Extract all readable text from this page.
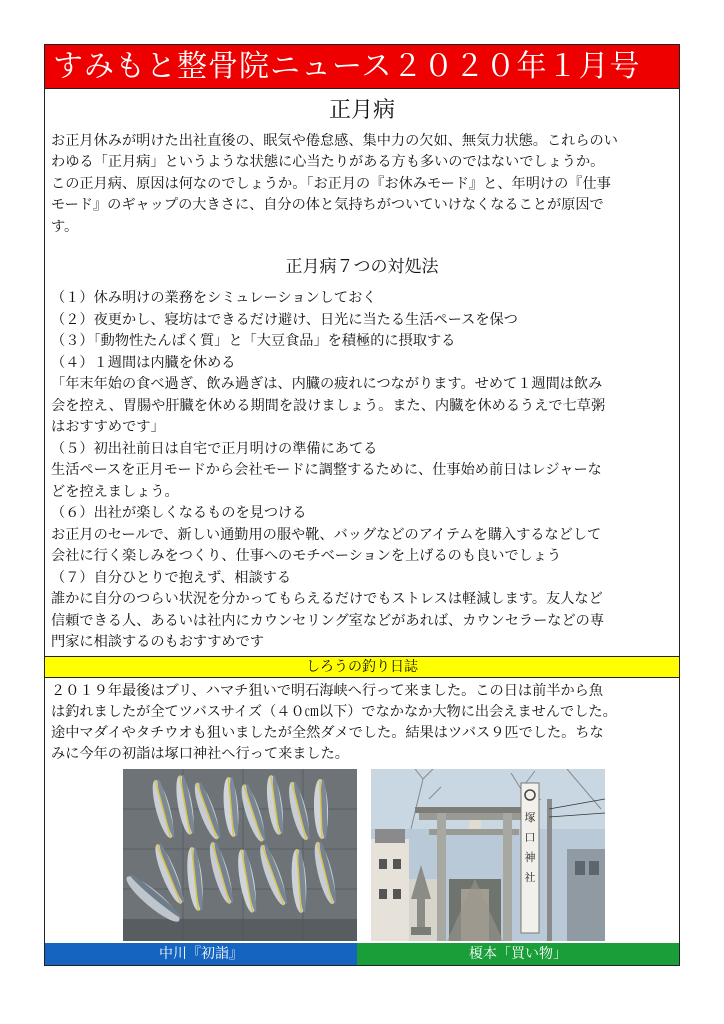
すみもと整骨院ニュース２０２０年１月号
正月病

お正月休みが明けた出社直後の、眠気や倦怠感、集中力の欠如、無気力状態。これらのい

わゆる「正月病」というような状態に心当たりがある方も多いのではないでしょうか。

この正月病、原因は何なのでしょうか。「お正月の『お休みモード』と、年明けの『仕事

モード』のギャップの大きさに、自分の体と気持ちがついていけなくなることが原因で

す。

正月病７つの対処法

（１）休み明けの業務をシミュレーションしておく

（２）夜更かし、寝坊はできるだけ避け、日光に当たる生活ペースを保つ

（３）「動物性たんぱく質」と「大豆食品」を積極的に摂取する

（４）１週間は内臓を休める

「年末年始の食べ過ぎ、飲み過ぎは、内臓の疲れにつながります。せめて１週間は飲み

会を控え、胃腸や肝臓を休める期間を設けましょう。また、内臓を休めるうえで七草粥

はおすすめです」

（５）初出社前日は自宅で正月明けの準備にあてる

生活ペースを正月モードから会社モードに調整するために、仕事始め前日はレジャーな

どを控えましょう。

（６）出社が楽しくなるものを見つける

お正月のセールで、新しい通勤用の服や靴、バッグなどのアイテムを購入するなどして

会社に行く楽しみをつくり、仕事へのモチベーションを上げるのも良いでしょう

（７）自分ひとりで抱えず、相談する

誰かに自分のつらい状況を分かってもらえるだけでもストレスは軽減します。友人など

信頼できる人、あるいは社内にカウンセリング室などがあれば、カウンセラーなどの専

門家に相談するのもおすすめです

しろうの釣り日誌

２０１９年最後はブリ、ハマチ狙いで明石海峡へ行って来ました。この日は前半から魚

は釣れましたが全てツバスサイズ（４０㎝以下）でなかなか大物に出会えませんでした。

途中マダイやタチウオも狙いましたが全然ダメでした。結果はツバス９匹でした。ちな

みに今年の初詣は塚口神社へ行って来ました。

塚
口
神
社
中川『初詣』	榎本「買い物」
